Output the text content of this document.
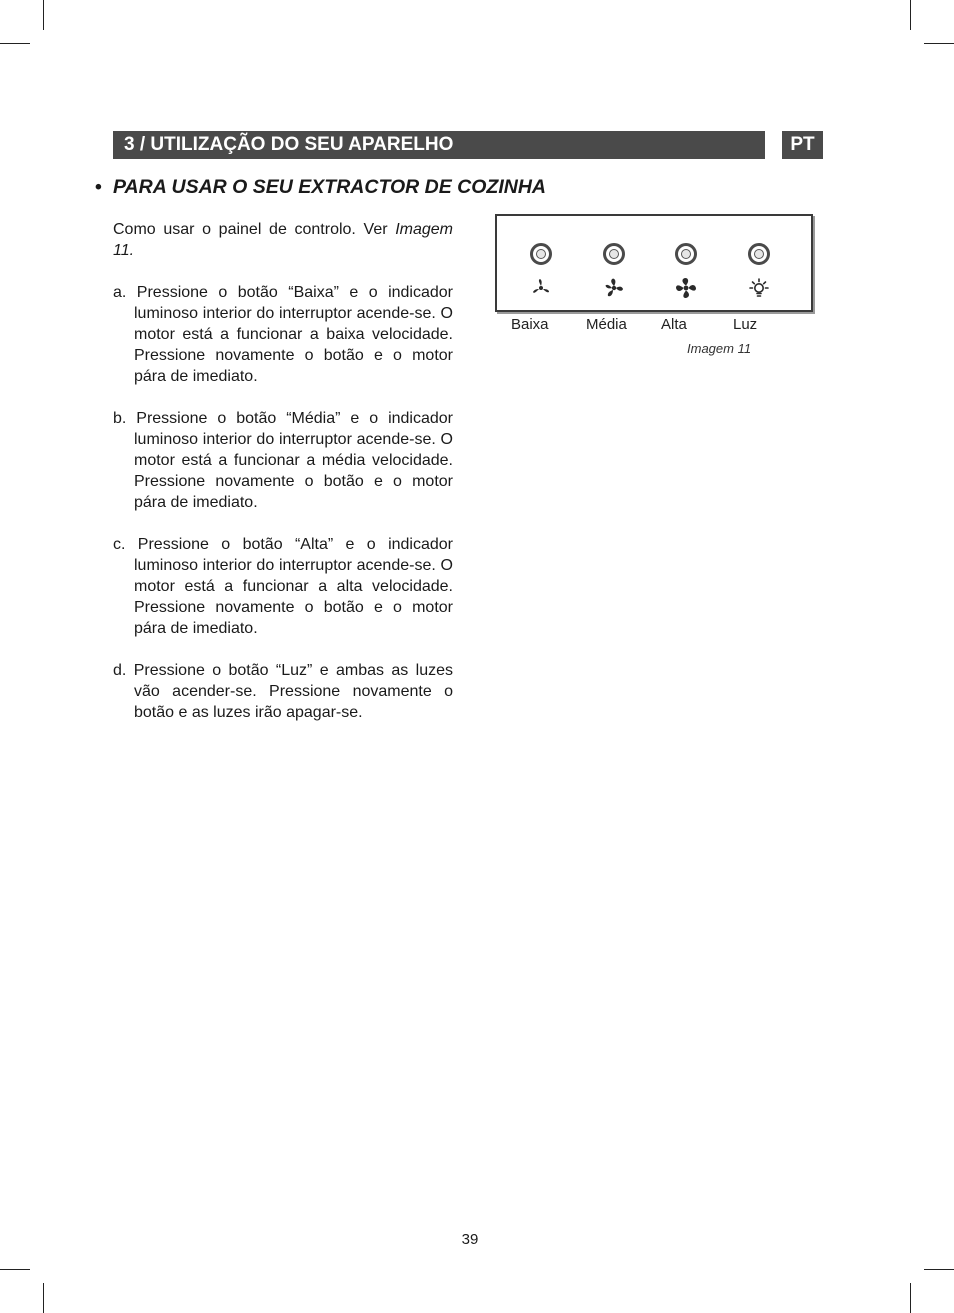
3 / UTILIZAÇÃO DO SEU APARELHO	PT
• PARA USAR O SEU EXTRACTOR DE COZINHA

Como usar o painel de controlo. Ver Imagem 11.

a. Pressione o botão “Baixa” e o indicador luminoso interior do interruptor acende-se. O motor está a funcionar a baixa velocidade. Pressione novamente o botão e o motor pára de imediato.

b. Pressione o botão “Média” e o indicador luminoso interior do interruptor acende-se. O motor está a funcionar a média velocidade. Pressione novamente o botão e o motor pára de imediato.

c. Pressione o botão “Alta” e o indicador luminoso interior do interruptor acende-se. O motor está a funcionar a alta velocidade. Pressione novamente o botão e o motor pára de imediato.

d. Pressione o botão “Luz” e ambas as luzes vão acender-se. Pressione novamente o botão e as luzes irão apagar-se.

Baixa Média Alta	Luz
Imagem 11
39
